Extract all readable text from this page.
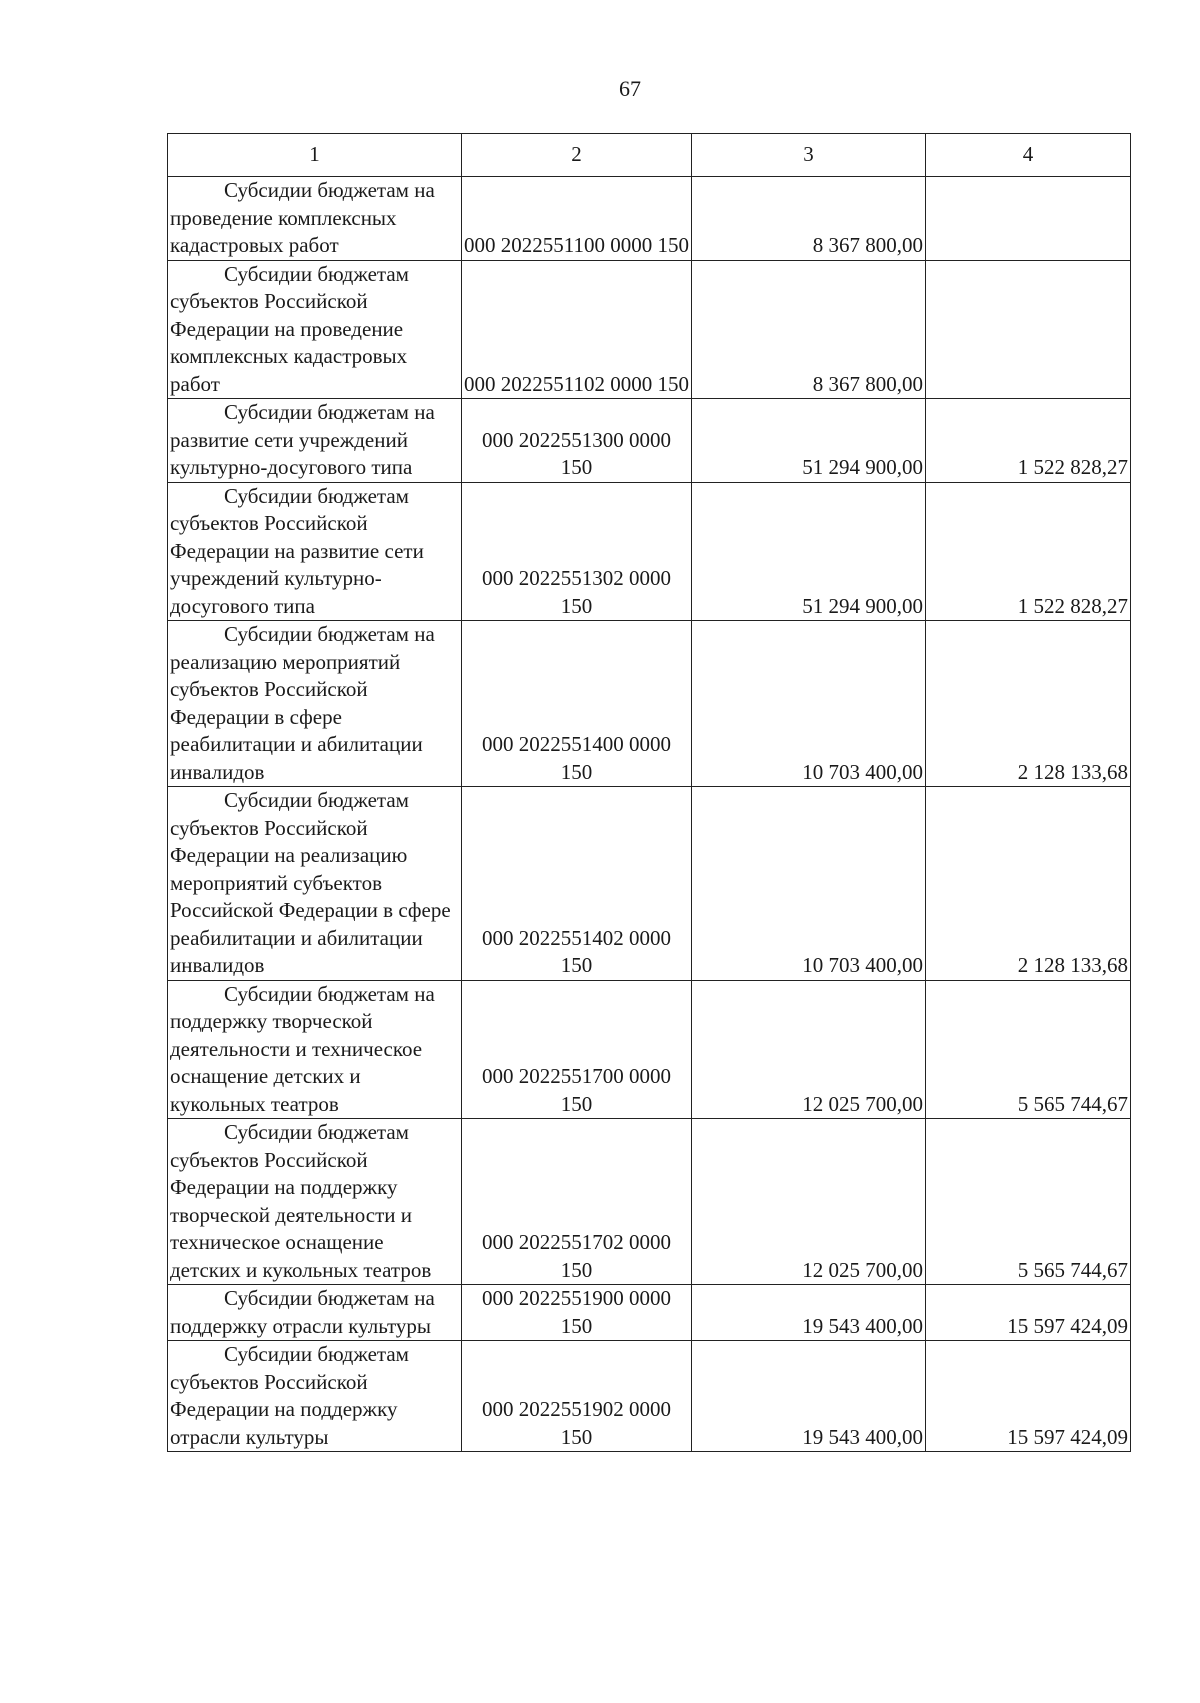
67
1	2	3	4
Субсидии бюджетам на проведение комплексных кадастровых работ	000 2022551100 0000 150	8 367 800,00	
Субсидии бюджетам субъектов Российской Федерации на проведение комплексных кадастровых работ	000 2022551102 0000 150	8 367 800,00	
Субсидии бюджетам на развитие сети учреждений культурно-досугового типа	000 2022551300 0000 150	51 294 900,00	1 522 828,27
Субсидии бюджетам субъектов Российской Федерации на развитие сети учреждений культурно-досугового типа	000 2022551302 0000 150	51 294 900,00	1 522 828,27
Субсидии бюджетам на реализацию мероприятий субъектов Российской Федерации в сфере реабилитации и абилитации инвалидов	000 2022551400 0000 150	10 703 400,00	2 128 133,68
Субсидии бюджетам субъектов Российской Федерации на реализацию мероприятий субъектов Российской Федерации в сфере реабилитации и абилитации инвалидов	000 2022551402 0000 150	10 703 400,00	2 128 133,68
Субсидии бюджетам на поддержку творческой деятельности и техническое оснащение детских и кукольных театров	000 2022551700 0000 150	12 025 700,00	5 565 744,67
Субсидии бюджетам субъектов Российской Федерации на поддержку творческой деятельности и техническое оснащение детских и кукольных театров	000 2022551702 0000 150	12 025 700,00	5 565 744,67
Субсидии бюджетам на поддержку отрасли культуры	000 2022551900 0000 150	19 543 400,00	15 597 424,09
Субсидии бюджетам субъектов Российской Федерации на поддержку отрасли культуры	000 2022551902 0000 150	19 543 400,00	15 597 424,09
